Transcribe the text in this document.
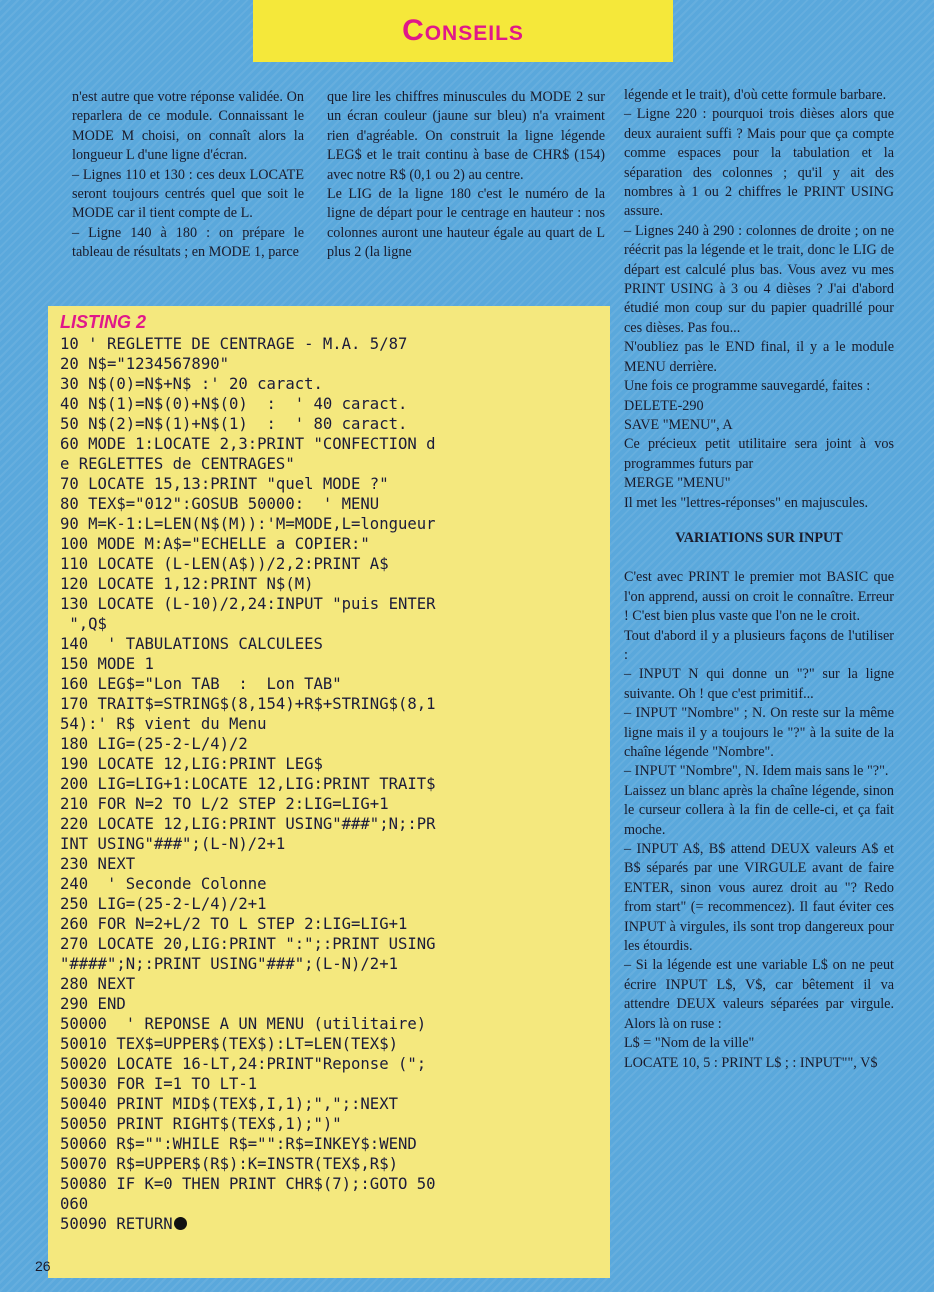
Conseils

n'est autre que votre réponse validée. On reparlera de ce module. Connaissant le MODE M choisi, on connaît alors la longueur L d'une ligne d'écran.

– Lignes 110 et 130 : ces deux LOCATE seront toujours centrés quel que soit le MODE car il tient compte de L.

– Ligne 140 à 180 : on prépare le tableau de résultats ; en MODE 1, parce

que lire les chiffres minuscules du MODE 2 sur un écran couleur (jaune sur bleu) n'a vraiment rien d'agréable. On construit la ligne légende LEG$ et le trait continu à base de CHR$ (154) avec notre R$ (0,1 ou 2) au centre.

Le LIG de la ligne 180 c'est le numéro de la ligne de départ pour le centrage en hauteur : nos colonnes auront une hauteur égale au quart de L plus 2 (la ligne

légende et le trait), d'où cette formule barbare.

– Ligne 220 : pourquoi trois dièses alors que deux auraient suffi ? Mais pour que ça compte comme espaces pour la tabulation et la séparation des colonnes ; qu'il y ait des nombres à 1 ou 2 chiffres le PRINT USING assure.

– Lignes 240 à 290 : colonnes de droite ; on ne réécrit pas la légende et le trait, donc le LIG de départ est calculé plus bas. Vous avez vu mes PRINT USING à 3 ou 4 dièses ? J'ai d'abord étudié mon coup sur du papier quadrillé pour ces dièses. Pas fou...

N'oubliez pas le END final, il y a le module MENU derrière.

Une fois ce programme sauvegardé, faites :

DELETE-290

SAVE "MENU", A

Ce précieux petit utilitaire sera joint à vos programmes futurs par

MERGE "MENU"

Il met les "lettres-réponses" en majuscules.

VARIATIONS SUR INPUT

C'est avec PRINT le premier mot BASIC que l'on apprend, aussi on croit le connaître. Erreur ! C'est bien plus vaste que l'on ne le croit.

Tout d'abord il y a plusieurs façons de l'utiliser :

– INPUT N qui donne un "?" sur la ligne suivante. Oh ! que c'est primitif...

– INPUT "Nombre" ; N. On reste sur la même ligne mais il y a toujours le "?" à la suite de la chaîne légende "Nombre".

– INPUT "Nombre", N. Idem mais sans le "?".

Laissez un blanc après la chaîne légende, sinon le curseur collera à la fin de celle-ci, et ça fait moche.

– INPUT A$, B$ attend DEUX valeurs A$ et B$ séparés par une VIRGULE avant de faire ENTER, sinon vous aurez droit au "? Redo from start" (= recommencez). Il faut éviter ces INPUT à virgules, ils sont trop dangereux pour les étourdis.

– Si la légende est une variable L$ on ne peut écrire INPUT L$, V$, car bêtement il va attendre DEUX valeurs séparées par virgule. Alors là on ruse :

L$ = "Nom de la ville"

LOCATE 10, 5 : PRINT L$ ; : INPUT"", V$

LISTING 2
10 ' REGLETTE DE CENTRAGE - M.A. 5/87
20 N$="1234567890"
30 N$(0)=N$+N$ :' 20 caract.
40 N$(1)=N$(0)+N$(0)  :  ' 40 caract.
50 N$(2)=N$(1)+N$(1)  :  ' 80 caract.
60 MODE 1:LOCATE 2,3:PRINT "CONFECTION d
e REGLETTES de CENTRAGES"
70 LOCATE 15,13:PRINT "quel MODE ?"
80 TEX$="012":GOSUB 50000:  ' MENU
90 M=K-1:L=LEN(N$(M)):'M=MODE,L=longueur
100 MODE M:A$="ECHELLE a COPIER:"
110 LOCATE (L-LEN(A$))/2,2:PRINT A$
120 LOCATE 1,12:PRINT N$(M)
130 LOCATE (L-10)/2,24:INPUT "puis ENTER
",Q$
140  ' TABULATIONS CALCULEES
150 MODE 1
160 LEG$="Lon TAB  :  Lon TAB"
170 TRAIT$=STRING$(8,154)+R$+STRING$(8,1
54):' R$ vient du Menu
180 LIG=(25-2-L/4)/2
190 LOCATE 12,LIG:PRINT LEG$
200 LIG=LIG+1:LOCATE 12,LIG:PRINT TRAIT$
210 FOR N=2 TO L/2 STEP 2:LIG=LIG+1
220 LOCATE 12,LIG:PRINT USING"###";N;:PR
INT USING"###";(L-N)/2+1
230 NEXT
240  ' Seconde Colonne
250 LIG=(25-2-L/4)/2+1
260 FOR N=2+L/2 TO L STEP 2:LIG=LIG+1
270 LOCATE 20,LIG:PRINT ":";:PRINT USING
"####";N;:PRINT USING"###";(L-N)/2+1
280 NEXT
290 END
50000  ' REPONSE A UN MENU (utilitaire)
50010 TEX$=UPPER$(TEX$):LT=LEN(TEX$)
50020 LOCATE 16-LT,24:PRINT"Reponse (";
50030 FOR I=1 TO LT-1
50040 PRINT MID$(TEX$,I,1);",";:NEXT
50050 PRINT RIGHT$(TEX$,1);")"
50060 R$="":WHILE R$="":R$=INKEY$:WEND
50070 R$=UPPER$(R$):K=INSTR(TEX$,R$)
50080 IF K=0 THEN PRINT CHR$(7);:GOTO 50
060
50090 RETURN
26
